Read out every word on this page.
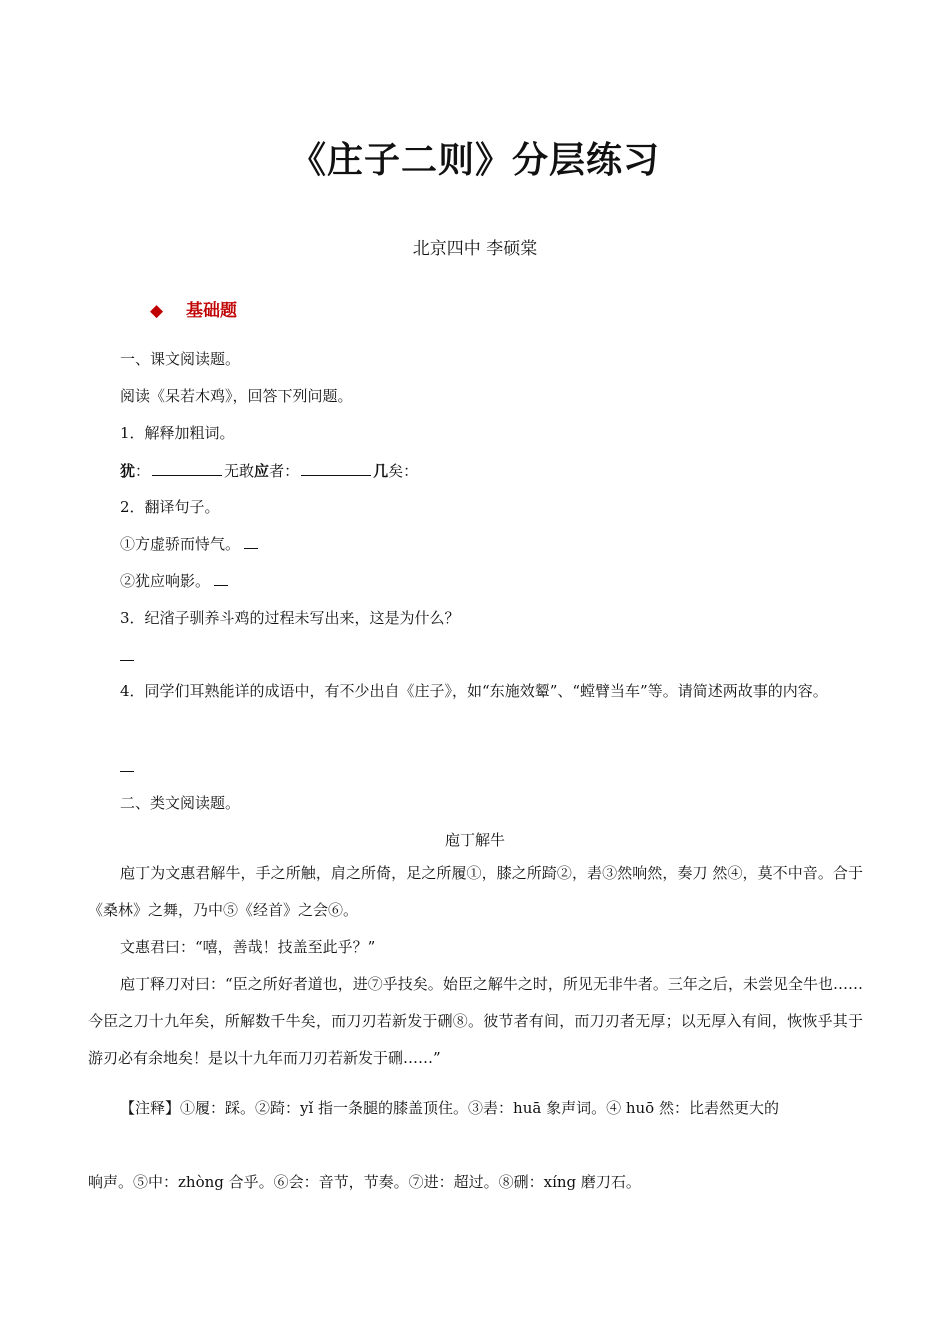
《庄子二则》分层练习
北京四中 李硕棠
◆ 基础题
一、课文阅读题。
阅读《呆若木鸡》，回答下列问题。
1．解释加粗词。
犹：	无敢应者：	几矣：
2．翻译句子。
①方虚骄而恃气。
②犹应响影。
3．纪渻子驯养斗鸡的过程未写出来，这是为什么？
4．同学们耳熟能详的成语中，有不少出自《庄子》，如“东施效颦”、“螳臂当车”等。请简述两故事的内容。
二、类文阅读题。
庖丁解牛
庖丁为文惠君解牛，手之所触，肩之所倚，足之所履①，膝之所踦②，砉③然响然，奏刀 然④，莫不中音。合于《桑林》之舞，乃中⑤《经首》之会⑥。
文惠君曰：“嘻，善哉！技盖至此乎？”
庖丁释刀对曰：“臣之所好者道也，进⑦乎技矣。始臣之解牛之时，所见无非牛者。三年之后，未尝见全牛也……今臣之刀十九年矣，所解数千牛矣，而刀刃若新发于硎⑧。彼节者有间，而刀刃者无厚；以无厚入有间，恢恢乎其于游刃必有余地矣！是以十九年而刀刃若新发于硎……”
【注释】①履：踩。②踦：yǐ 指一条腿的膝盖顶住。③砉：huā 象声词。④ huō 然：比砉然更大的
响声。⑤中：zhòng 合乎。⑥会：音节，节奏。⑦进：超过。⑧硎：xíng 磨刀石。
